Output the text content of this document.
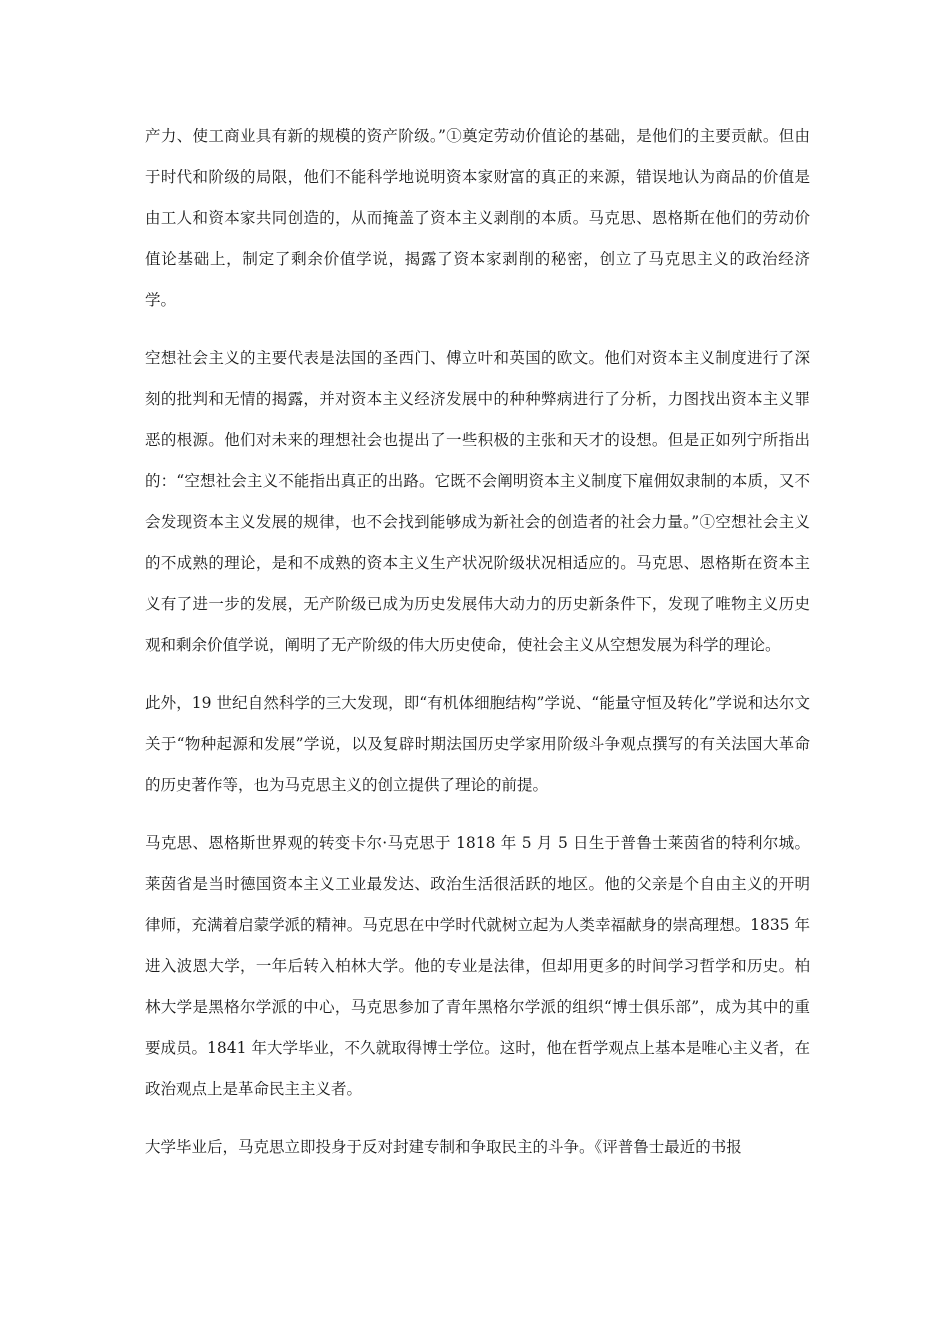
产力、使工商业具有新的规模的资产阶级。”①奠定劳动价值论的基础，是他们的主要贡献。但由于时代和阶级的局限，他们不能科学地说明资本家财富的真正的来源，错误地认为商品的价值是由工人和资本家共同创造的，从而掩盖了资本主义剥削的本质。马克思、恩格斯在他们的劳动价值论基础上，制定了剩余价值学说，揭露了资本家剥削的秘密，创立了马克思主义的政治经济学。

空想社会主义的主要代表是法国的圣西门、傅立叶和英国的欧文。他们对资本主义制度进行了深刻的批判和无情的揭露，并对资本主义经济发展中的种种弊病进行了分析，力图找出资本主义罪恶的根源。他们对未来的理想社会也提出了一些积极的主张和天才的设想。但是正如列宁所指出的：“空想社会主义不能指出真正的出路。它既不会阐明资本主义制度下雇佣奴隶制的本质，又不会发现资本主义发展的规律，也不会找到能够成为新社会的创造者的社会力量。”①空想社会主义的不成熟的理论，是和不成熟的资本主义生产状况阶级状况相适应的。马克思、恩格斯在资本主义有了进一步的发展，无产阶级已成为历史发展伟大动力的历史新条件下，发现了唯物主义历史观和剩余价值学说，阐明了无产阶级的伟大历史使命，使社会主义从空想发展为科学的理论。

此外，19 世纪自然科学的三大发现，即“有机体细胞结构”学说、“能量守恒及转化”学说和达尔文关于“物种起源和发展”学说，以及复辟时期法国历史学家用阶级斗争观点撰写的有关法国大革命的历史著作等，也为马克思主义的创立提供了理论的前提。

马克思、恩格斯世界观的转变卡尔·马克思于 1818 年 5 月 5 日生于普鲁士莱茵省的特利尔城。莱茵省是当时德国资本主义工业最发达、政治生活很活跃的地区。他的父亲是个自由主义的开明律师，充满着启蒙学派的精神。马克思在中学时代就树立起为人类幸福献身的崇高理想。1835 年进入波恩大学，一年后转入柏林大学。他的专业是法律，但却用更多的时间学习哲学和历史。柏林大学是黑格尔学派的中心，马克思参加了青年黑格尔学派的组织“博士俱乐部”，成为其中的重要成员。1841 年大学毕业，不久就取得博士学位。这时，他在哲学观点上基本是唯心主义者，在政治观点上是革命民主主义者。

大学毕业后，马克思立即投身于反对封建专制和争取民主的斗争。《评普鲁士最近的书报
